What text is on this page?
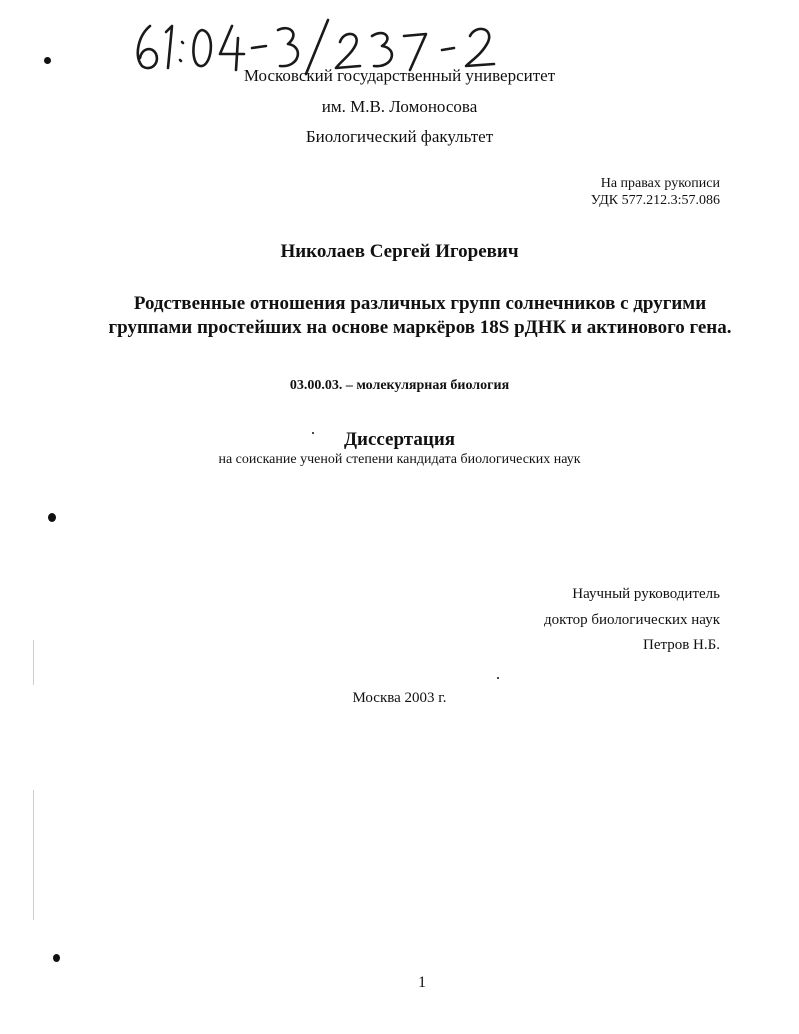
Московский государственный университет
им. М.В. Ломоносова
Биологический факультет
На правах рукописи
УДК 577.212.3:57.086
Николаев Сергей Игоревич
Родственные отношения различных групп солнечников с другими группами простейших на основе маркёров 18S рДНК и актинового гена.
03.00.03. – молекулярная биология
Диссертация
на соискание ученой степени кандидата биологических наук
Научный руководитель
доктор биологических наук
Петров Н.Б.
Москва 2003 г.
1
